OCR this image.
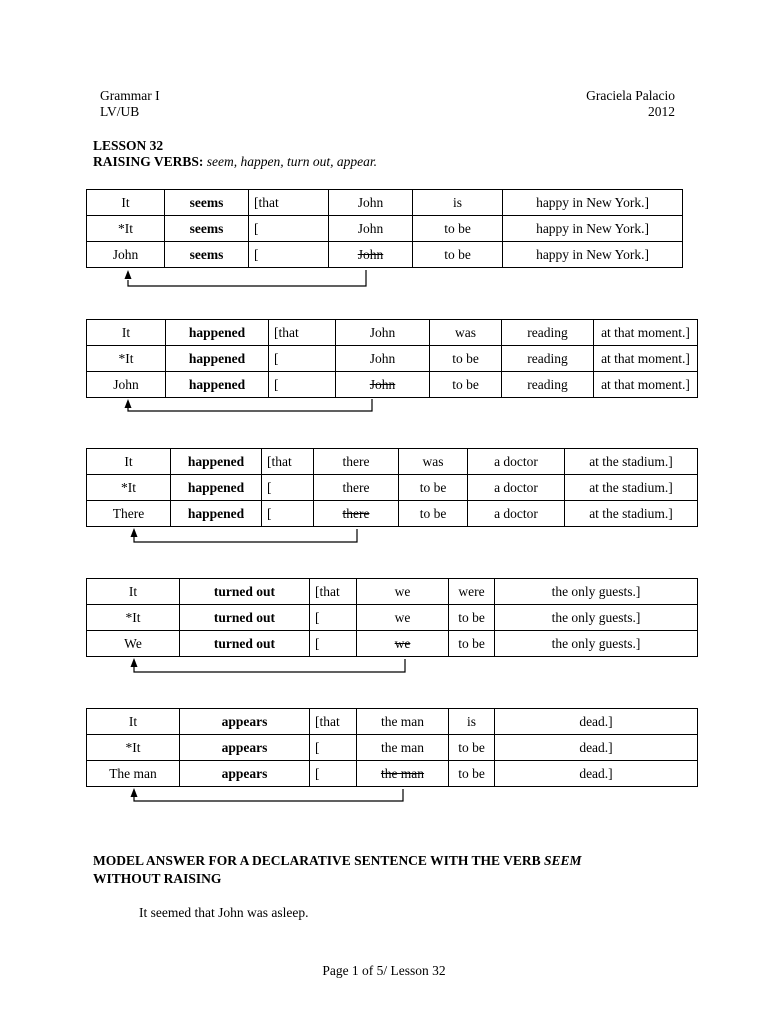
Grammar I
LV/UB
Graciela Palacio
2012
LESSON 32
RAISING VERBS: seem, happen, turn out, appear.
It	seems	[that	John	is	happy in New York.]
*It	seems	[	John	to be	happy in New York.]
John	seems	[	John	to be	happy in New York.]
It	happened	[that	John	was	reading	at that moment.]
*It	happened	[	John	to be	reading	at that moment.]
John	happened	[	John	to be	reading	at that moment.]
It	happened	[that	there	was	a doctor	at the stadium.]
*It	happened	[	there	to be	a doctor	at the stadium.]
There	happened	[	there	to be	a doctor	at the stadium.]
It	turned out	[that	we	were	the only guests.]
*It	turned out	[	we	to be	the only guests.]
We	turned out	[	we	to be	the only guests.]
It	appears	[that	the man	is	dead.]
*It	appears	[	the man	to be	dead.]
The man	appears	[	the man	to be	dead.]
MODEL ANSWER FOR A DECLARATIVE SENTENCE WITH THE VERB SEEM
WITHOUT RAISING
It seemed that John was asleep.
Page 1 of 5/ Lesson 32
